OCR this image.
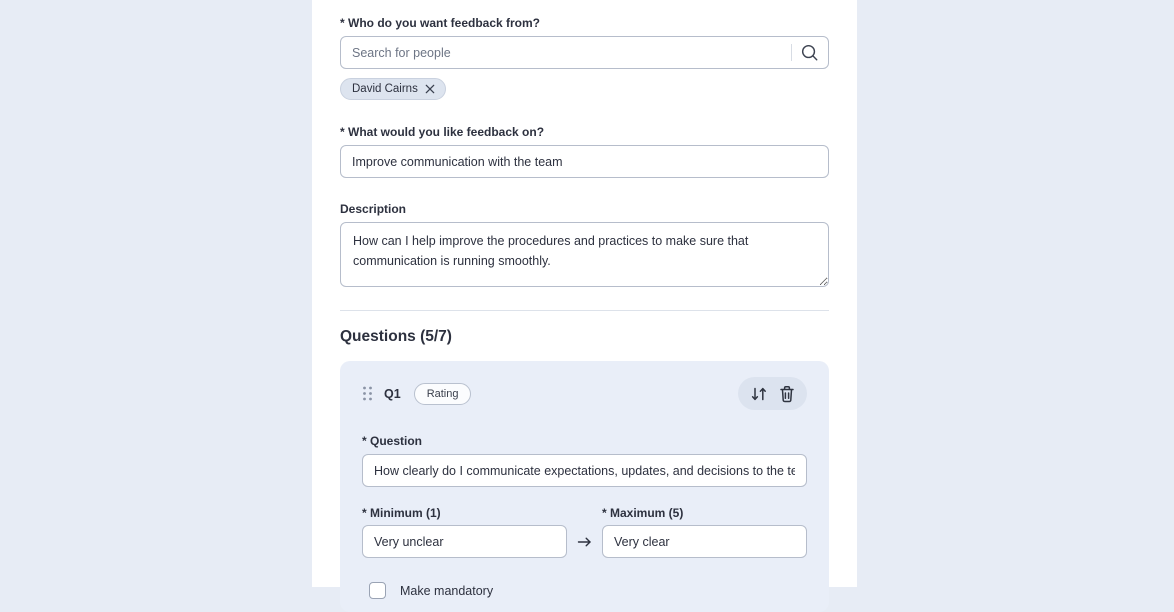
* Who do you want feedback from?
Search for people
David Cairns
* What would you like feedback on?
Improve communication with the team
Description
How can I help improve the procedures and practices to make sure that communication is running smoothly.
Questions (5/7)
Q1	Rating
* Question
How clearly do I communicate expectations, updates, and decisions to the team?
* Minimum (1)	* Maximum (5)
Very unclear
Very clear
Make mandatory
